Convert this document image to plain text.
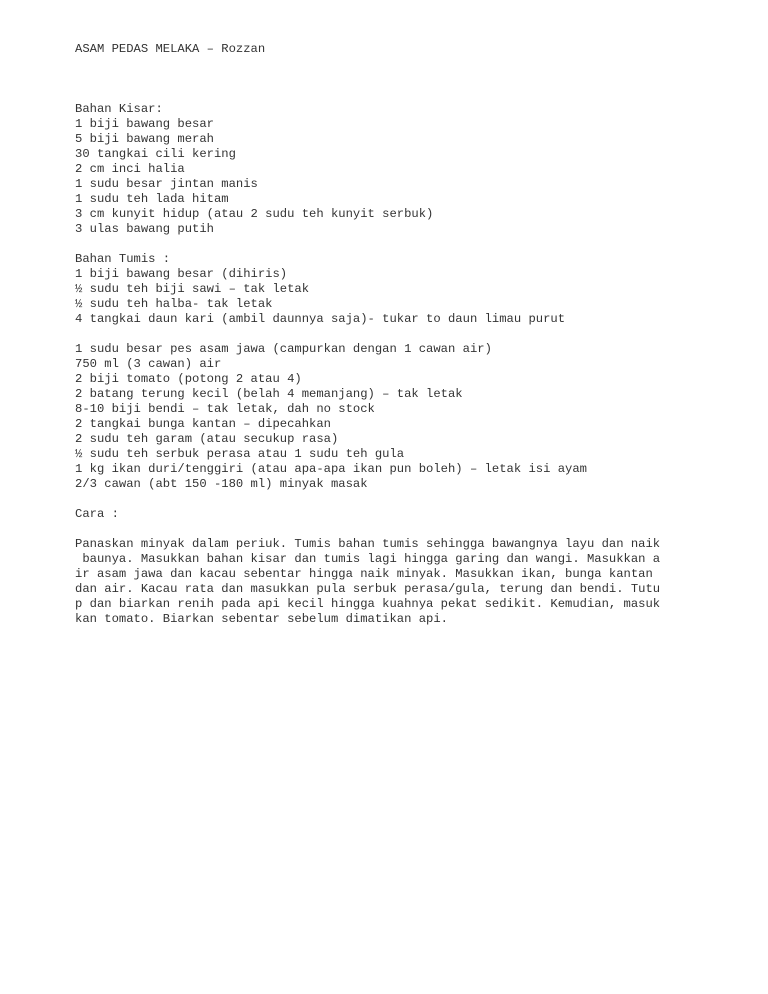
ASAM PEDAS MELAKA – Rozzan

Bahan Kisar:
1 biji bawang besar
5 biji bawang merah
30 tangkai cili kering
2 cm inci halia
1 sudu besar jintan manis
1 sudu teh lada hitam
3 cm kunyit hidup (atau 2 sudu teh kunyit serbuk)
3 ulas bawang putih
Bahan Tumis :
1 biji bawang besar (dihiris)
½ sudu teh biji sawi – tak letak
½ sudu teh halba- tak letak
4 tangkai daun kari (ambil daunnya saja)- tukar to daun limau purut
1 sudu besar pes asam jawa (campurkan dengan 1 cawan air)
750 ml (3 cawan) air
2 biji tomato (potong 2 atau 4)
2 batang terung kecil (belah 4 memanjang) – tak letak
8-10 biji bendi – tak letak, dah no stock
2 tangkai bunga kantan – dipecahkan
2 sudu teh garam (atau secukup rasa)
½ sudu teh serbuk perasa atau 1 sudu teh gula
1 kg ikan duri/tenggiri (atau apa-apa ikan pun boleh) – letak isi ayam
2/3 cawan (abt 150 -180 ml) minyak masak
Cara :
Panaskan minyak dalam periuk. Tumis bahan tumis sehingga bawangnya layu dan naik
baunya. Masukkan bahan kisar dan tumis lagi hingga garing dan wangi. Masukkan a
ir asam jawa dan kacau sebentar hingga naik minyak. Masukkan ikan, bunga kantan
dan air. Kacau rata dan masukkan pula serbuk perasa/gula, terung dan bendi. Tutu
p dan biarkan renih pada api kecil hingga kuahnya pekat sedikit. Kemudian, masuk
kan tomato. Biarkan sebentar sebelum dimatikan api.
